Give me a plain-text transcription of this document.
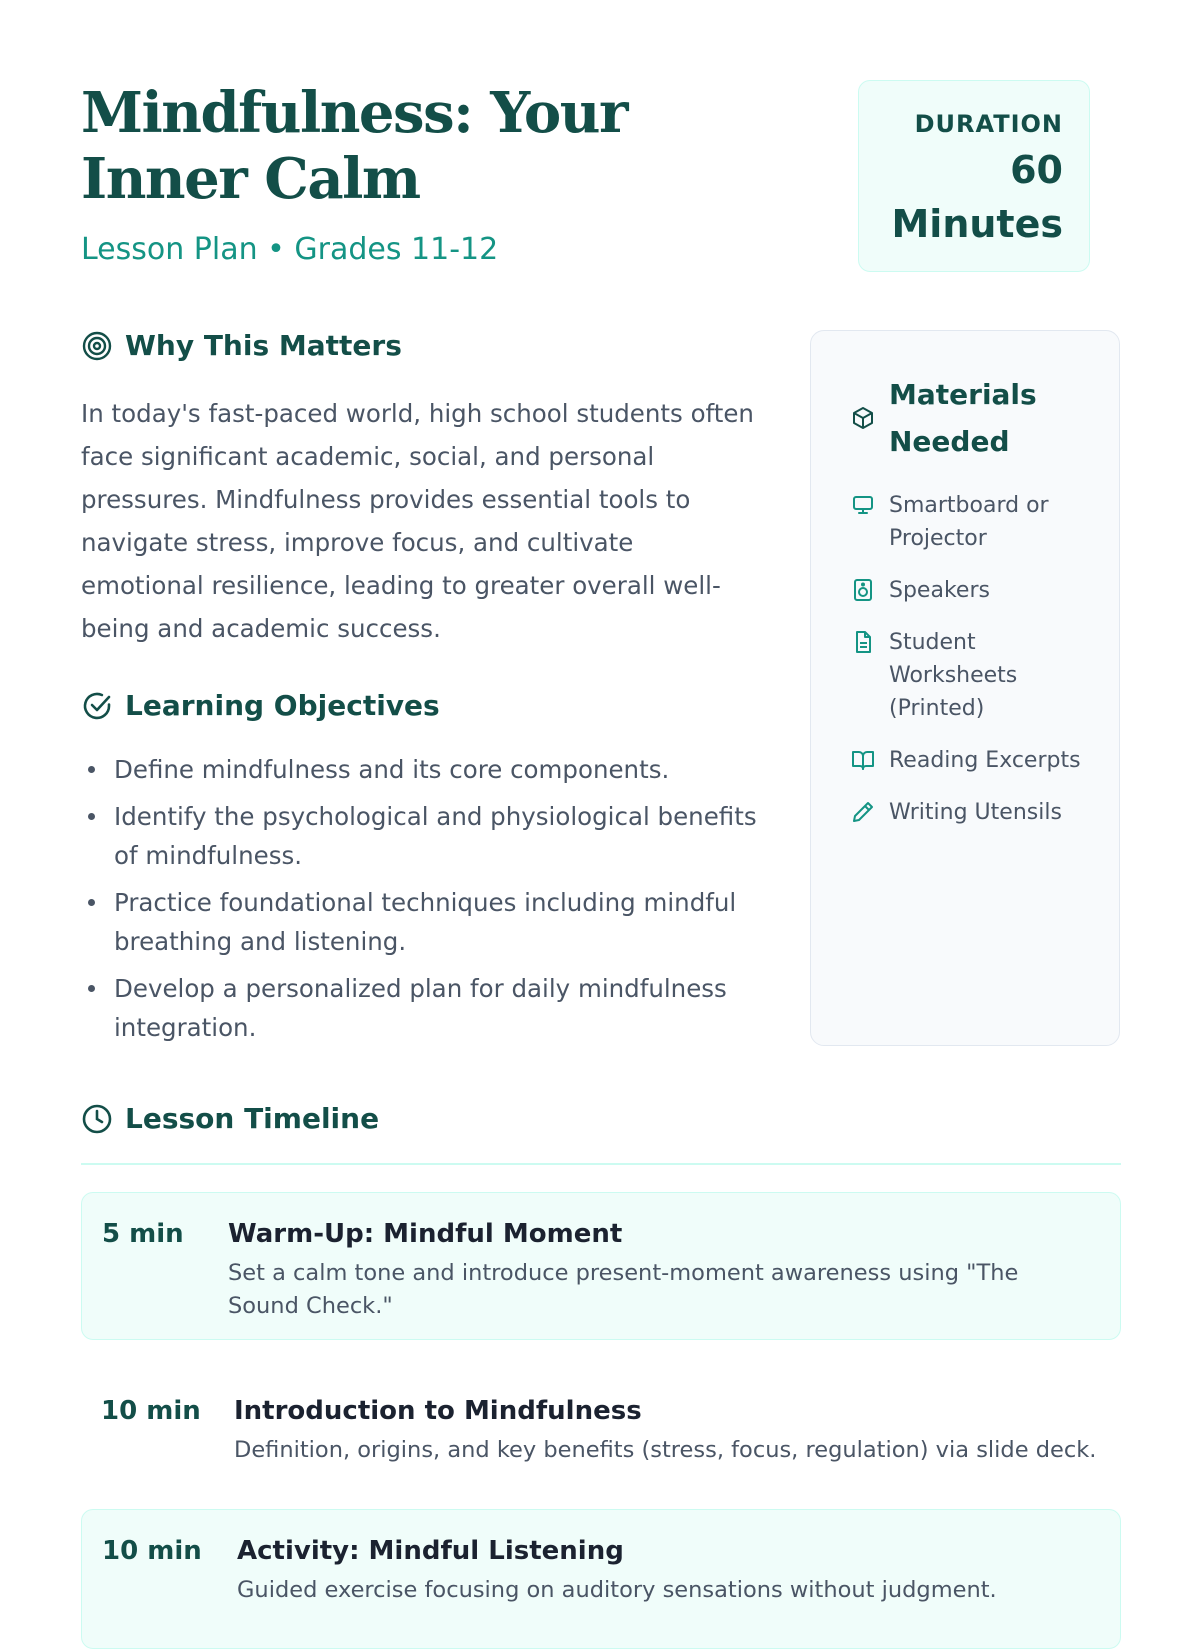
Mindfulness: Your Inner Calm

Lesson Plan • Grades 11-12

DURATION
60 Minutes
Why This Matters

In today's fast-paced world, high school students often face significant academic, social, and personal pressures. Mindfulness provides essential tools to navigate stress, improve focus, and cultivate emotional resilience, leading to greater overall well-being and academic success.

Learning Objectives
Define mindfulness and its core components.
Identify the psychological and physiological benefits of mindfulness.
Practice foundational techniques including mindful breathing and listening.
Develop a personalized plan for daily mindfulness integration.
Materials Needed
Smartboard or Projector
Speakers
Student Worksheets (Printed)
Reading Excerpts
Writing Utensils
Lesson Timeline
5 min Warm-Up: Mindful Moment
Set a calm tone and introduce present-moment awareness using "The Sound Check."
10 min Introduction to Mindfulness
Definition, origins, and key benefits (stress, focus, regulation) via slide deck.
10 min Activity: Mindful Listening
Guided exercise focusing on auditory sensations without judgment.
